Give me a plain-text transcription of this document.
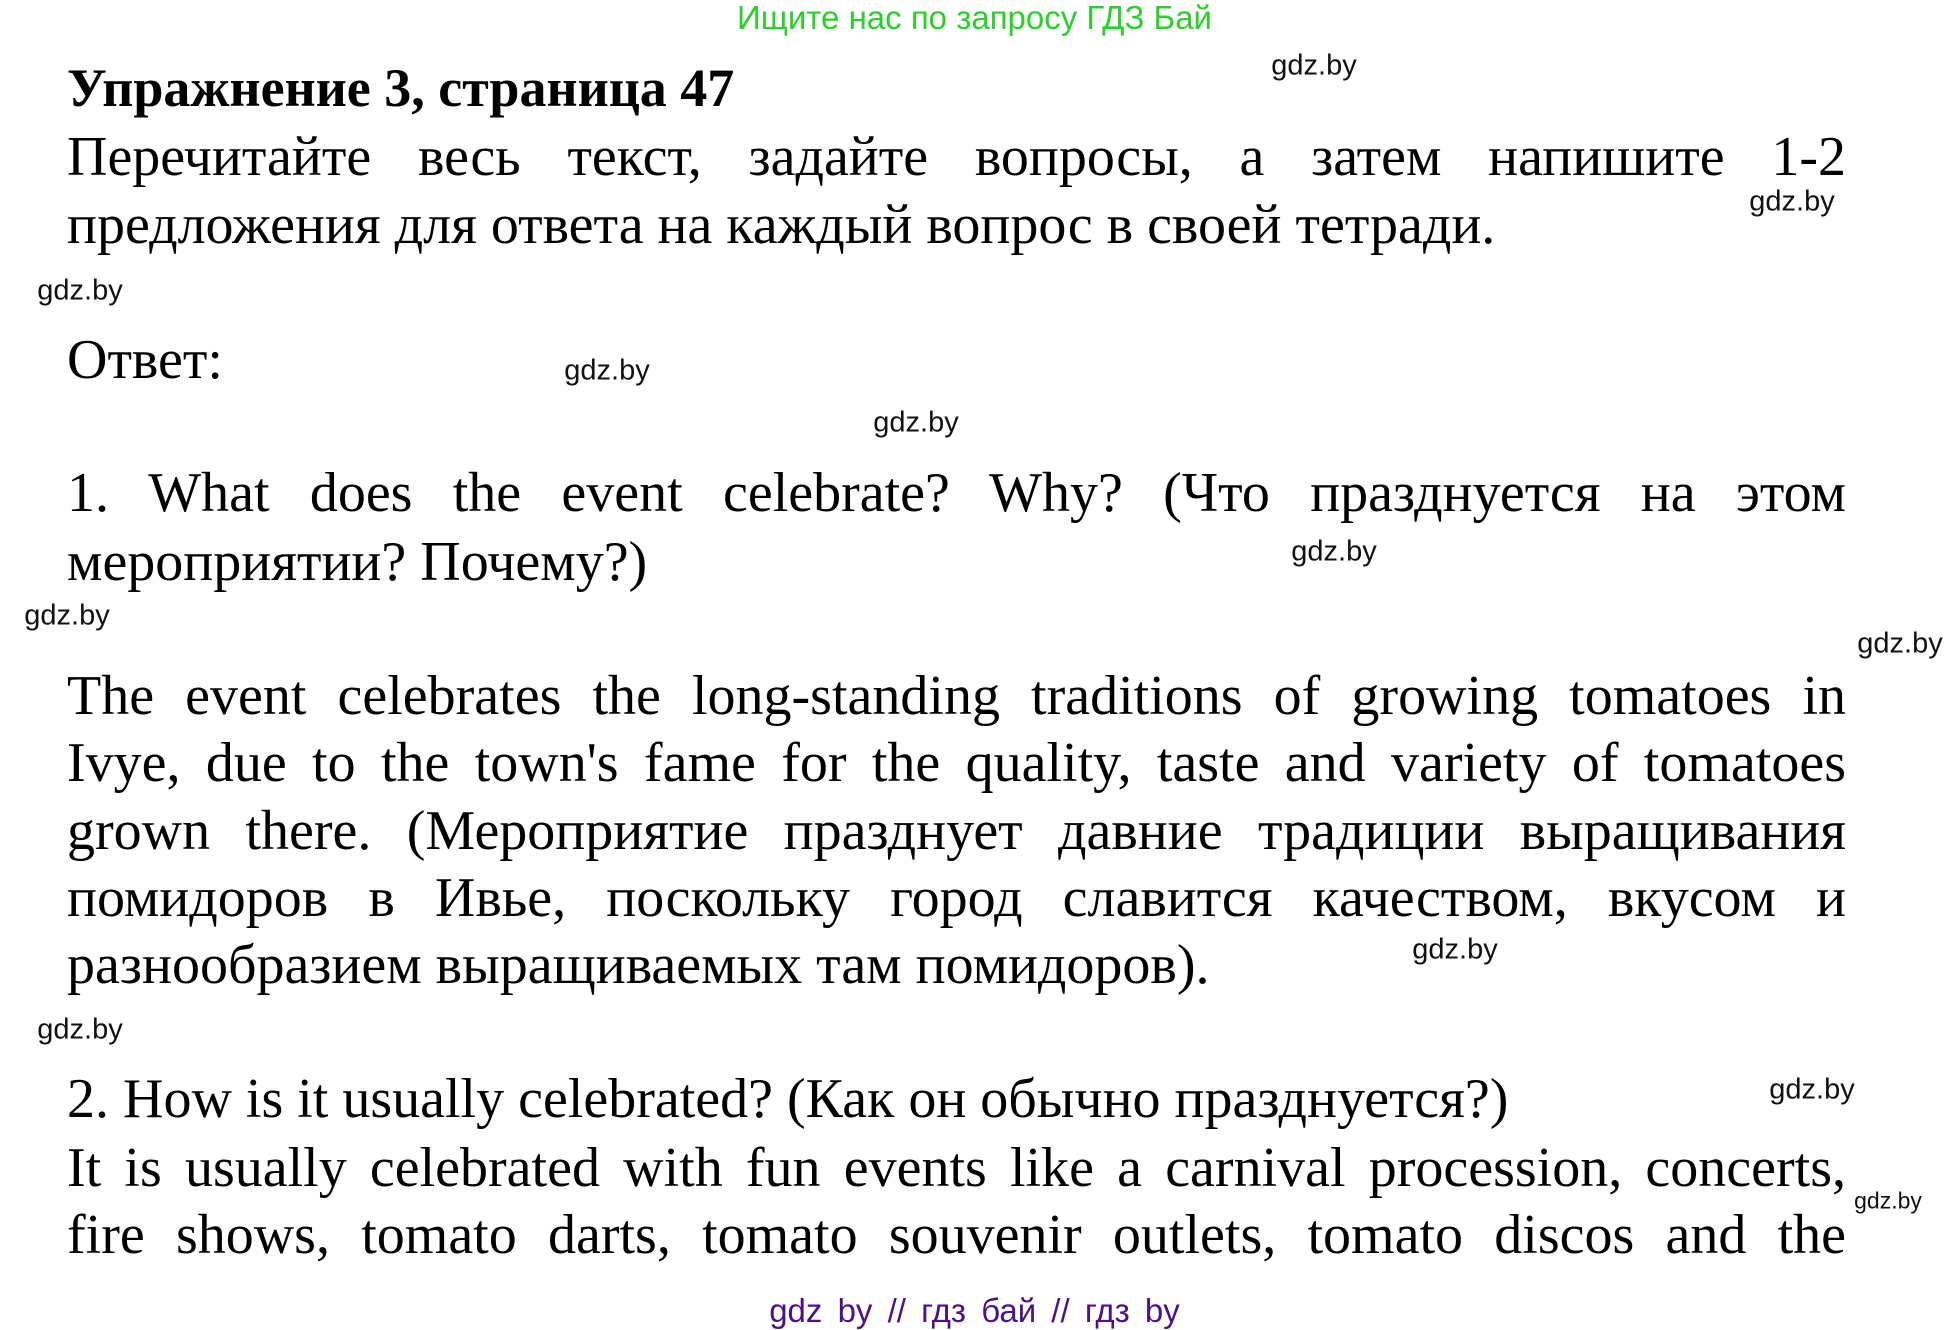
Ищите нас по запросу ГДЗ Бай
Упражнение 3, страница 47
Перечитайте весь текст, задайте вопросы, а затем напишите 1-2
предложения для ответа на каждый вопрос в своей тетради.
Ответ:
1. What does the event celebrate? Why? (Что празднуется на этом
мероприятии? Почему?)
The event celebrates the long-standing traditions of growing tomatoes in
Ivye, due to the town's fame for the quality, taste and variety of tomatoes
grown there. (Мероприятие празднует давние традиции выращивания
помидоров в Ивье, поскольку город славится качеством, вкусом и
разнообразием выращиваемых там помидоров).
2. How is it usually celebrated? (Как он обычно празднуется?)
It is usually celebrated with fun events like a carnival procession, concerts,
fire shows, tomato darts, tomato souvenir outlets, tomato discos and the
gdz.by
gdz.by
gdz.by
gdz.by
gdz.by
gdz.by
gdz.by
gdz.by
gdz.by
gdz.by
gdz.by
gdz.by
gdz by // гдз бай // гдз by
